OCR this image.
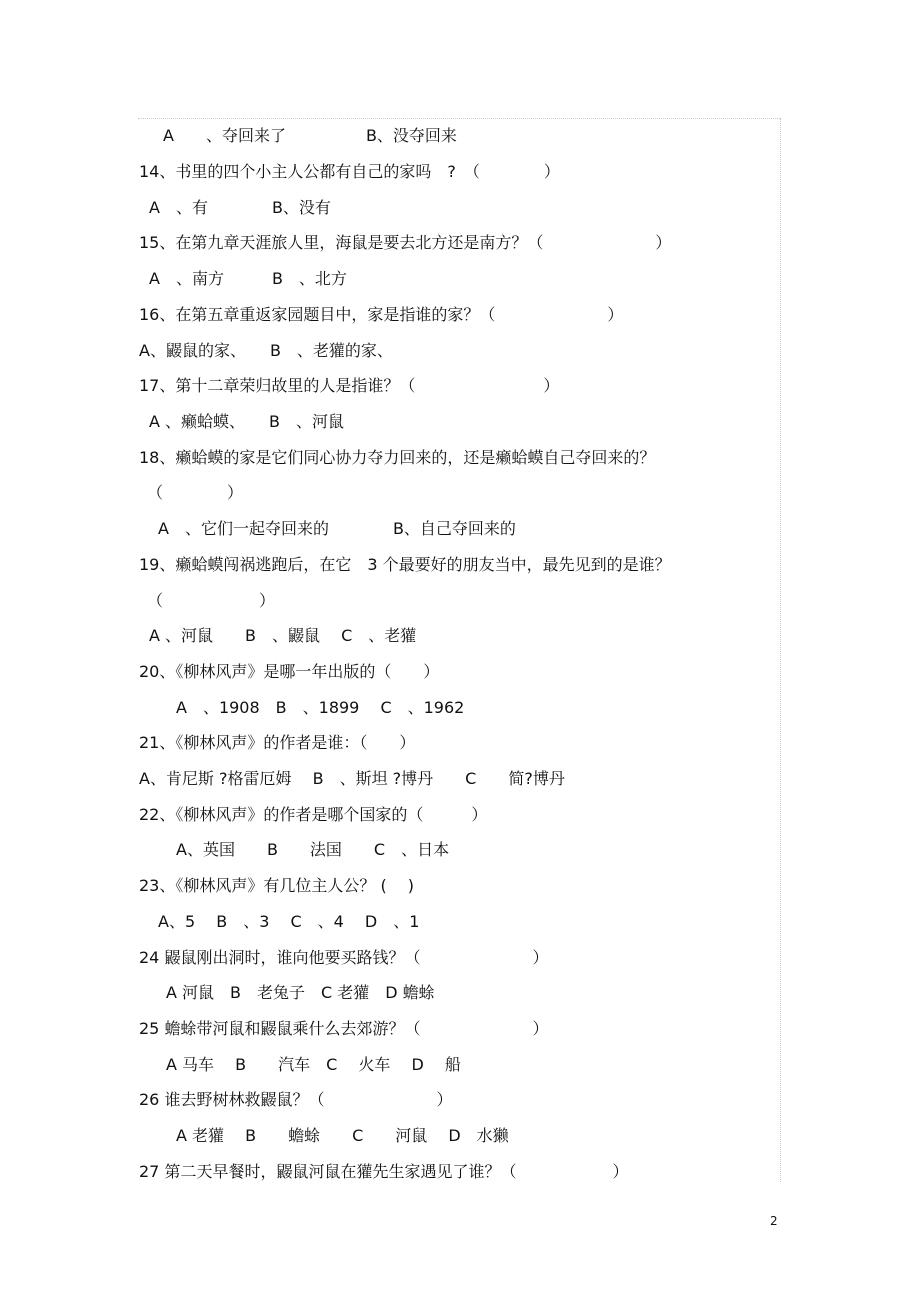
A　　、夺回来了　　　　　B、没夺回来
14、书里的四个小主人公都有自己的家吗　?　（　　　　）
A　、有　　　　B、没有
15、在第九章天涯旅人里，海鼠是要去北方还是南方？（　　　　　　　）
A　、南方　　　B　、北方
16、在第五章重返家园题目中，家是指谁的家？（　　　　　　　）
A、鼹鼠的家、　　B　、老獾的家、
17、第十二章荣归故里的人是指谁？（　　　　　　　　）
A 、癞蛤蟆、　　B　、河鼠
18、癞蛤蟆的家是它们同心协力夺力回来的，还是癞蛤蟆自己夺回来的？
（　　　　）
A　、它们一起夺回来的　　　　B、自己夺回来的
19、癞蛤蟆闯祸逃跑后，在它　3 个最要好的朋友当中，最先见到的是谁？
（　　　　　　）
A 、河鼠　　B　、鼹鼠　 C　、老獾
20、《柳林风声》是哪一年出版的（　　）
A　、1908　B　、1899　 C　、1962
21、《柳林风声》的作者是谁：（　　）
A、肯尼斯 ?格雷厄姆　 B　、斯坦 ?博丹　　C　　简?博丹
22、《柳林风声》的作者是哪个国家的（　　　）
A、英国　　B　　法国　　C　、日本
23、《柳林风声》有几位主人公？ ( 　)
A、5　 B　、3　 C　、4　 D　、1
24 鼹鼠刚出洞时，谁向他要买路钱？（　　　　　　　）
A 河鼠　B　老兔子　C 老獾　D 蟾蜍
25 蟾蜍带河鼠和鼹鼠乘什么去郊游？（　　　　　　　）
A 马车　 B　　汽车　C　 火车　 D　 船
26 谁去野树林救鼹鼠？（　　　　　　　）
A 老獾　 B　　蟾蜍　　C　　河鼠　 D　水獭
27 第二天早餐时，鼹鼠河鼠在獾先生家遇见了谁？（　　　　　　）
2
